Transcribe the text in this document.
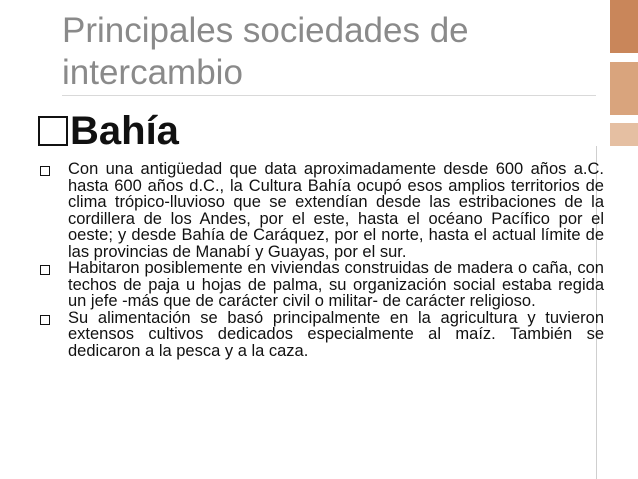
Principales sociedades de
intercambio
Bahía
Con una antigüedad que data aproximadamente desde 600 años a.C. hasta 600 años d.C., la Cultura Bahía ocupó esos amplios territorios de clima trópico-lluvioso que se extendían desde las estribaciones de la cordillera de los Andes, por el este, hasta el océano Pacífico por el oeste; y desde Bahía de Caráquez, por el norte, hasta el actual límite de las provincias de Manabí y Guayas, por el sur.
Habitaron posiblemente en viviendas construidas de madera o caña, con techos de paja u hojas de palma, su organización social estaba regida un jefe -más que de carácter civil o militar- de carácter religioso.
Su alimentación se basó principalmente en la agricultura y tuvieron extensos cultivos dedicados especialmente al maíz. También se dedicaron a la pesca y a la caza.
